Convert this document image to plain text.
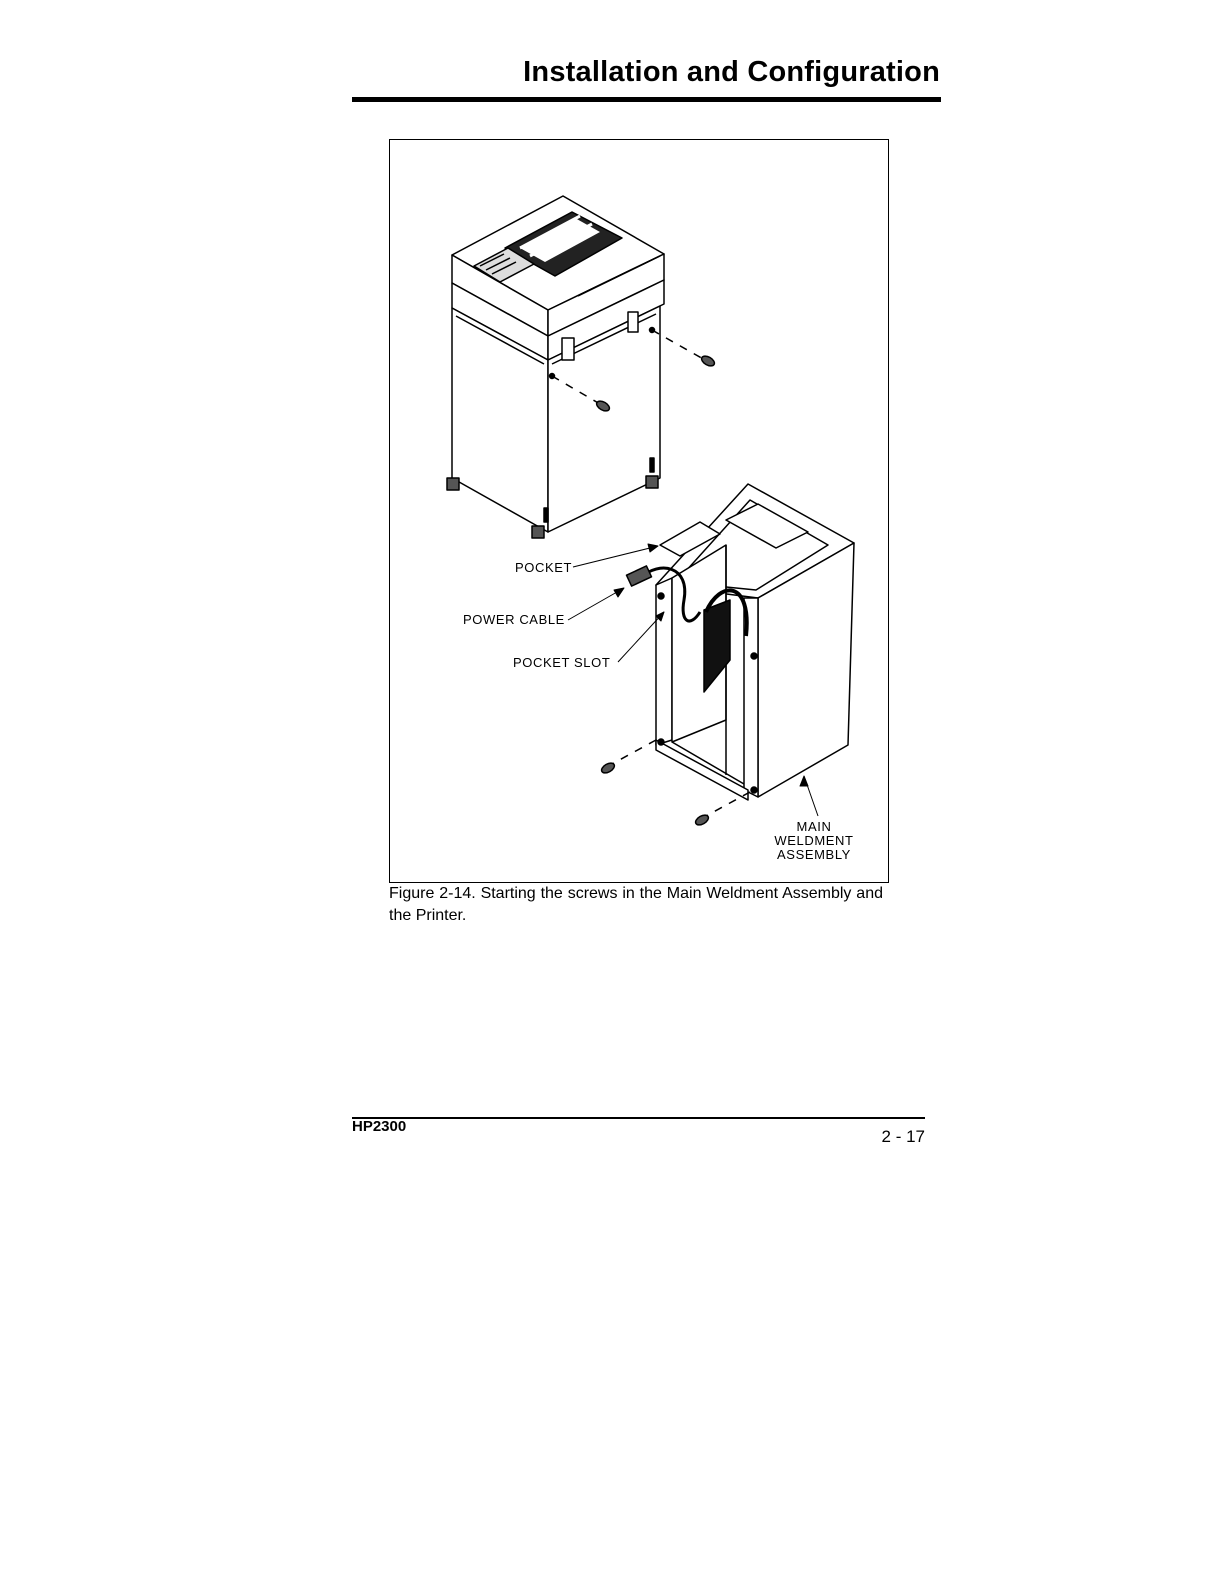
Installation and Configuration
POCKET
POWER CABLE
POCKET SLOT
MAIN
WELDMENT
ASSEMBLY
Figure 2-14. Starting the screws in the Main Weldment Assembly and the Printer.
HP2300
2 - 17
